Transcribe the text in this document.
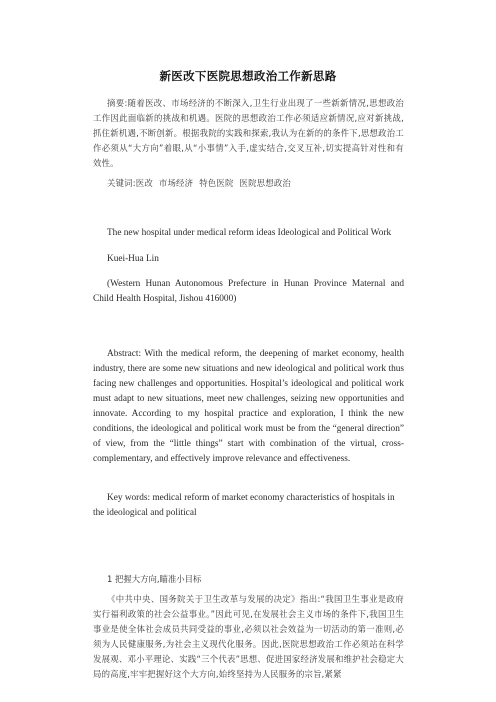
新医改下医院思想政治工作新思路

摘要:随着医改、市场经济的不断深入,卫生行业出现了一些新新情况,思想政治工作因此面临新的挑战和机遇。医院的思想政治工作必须适应新情况,应对新挑战,抓住新机遇,不断创新。根据我院的实践和探索,我认为在新的的条件下,思想政治工作必须从“大方向”着眼,从“小事情”入手,虚实结合,交叉互补,切实提高针对性和有效性。

关键词:医改 市场经济 特色医院 医院思想政治

The new hospital under medical reform ideas Ideological and Political Work

Kuei-Hua Lin

(Western Hunan Autonomous Prefecture in Hunan Province Maternal and Child Health Hospital, Jishou 416000)

Abstract: With the medical reform, the deepening of market economy, health industry, there are some new situations and new ideological and political work thus facing new challenges and opportunities. Hospital’s ideological and political work must adapt to new situations, meet new challenges, seizing new opportunities and innovate. According to my hospital practice and exploration, I think the new conditions, the ideological and political work must be from the “general direction” of view, from the “little things” start with combination of the virtual, cross-complementary, and effectively improve relevance and effectiveness.

Key words: medical reform of market economy characteristics of hospitals in the ideological and political

1 把握大方向,瞄准小目标

《中共中央、国务院关于卫生改革与发展的决定》指出:“我国卫生事业是政府实行福利政策的社会公益事业。”因此可见,在发展社会主义市场的条件下,我国卫生事业是使全体社会成员共同受益的事业,必须以社会效益为一切活动的第一准则,必须为人民健康服务,为社会主义现代化服务。因此,医院思想政治工作必须站在科学发展观、邓小平理论、实践“三个代表”思想、促进国家经济发展和维护社会稳定大局的高度,牢牢把握好这个大方向,始终坚持为人民服务的宗旨,紧紧
